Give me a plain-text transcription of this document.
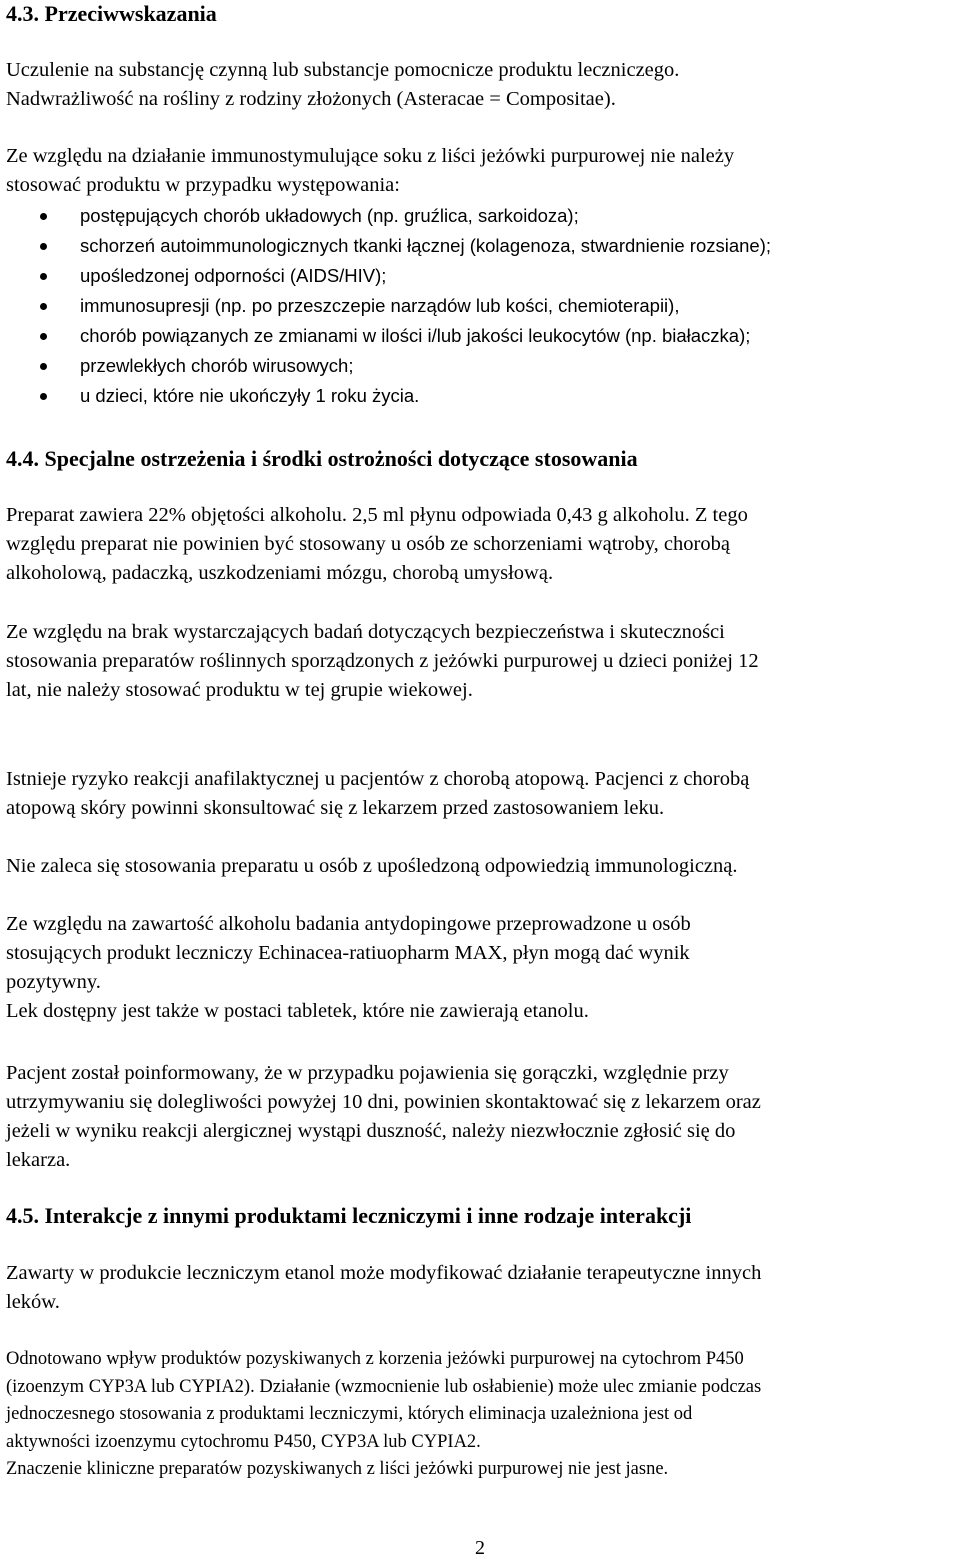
4.3. Przeciwwskazania
Uczulenie na substancję czynną lub substancje pomocnicze produktu leczniczego.
Nadwrażliwość na rośliny z rodziny złożonych (Asteracae = Compositae).
Ze względu na działanie immunostymulujące soku z liści jeżówki purpurowej nie należy
stosować produktu w przypadku występowania:
postępujących chorób układowych (np. gruźlica, sarkoidoza);
schorzeń autoimmunologicznych tkanki łącznej (kolagenoza, stwardnienie rozsiane);
upośledzonej odporności (AIDS/HIV);
immunosupresji (np. po przeszczepie narządów lub kości, chemioterapii),
chorób powiązanych ze zmianami w ilości i/lub jakości leukocytów (np. białaczka);
przewlekłych chorób wirusowych;
u dzieci, które nie ukończyły 1 roku życia.
4.4. Specjalne ostrzeżenia i środki ostrożności dotyczące stosowania
Preparat zawiera 22% objętości alkoholu. 2,5 ml płynu odpowiada 0,43 g alkoholu. Z tego
względu preparat nie powinien być stosowany u osób ze schorzeniami wątroby, chorobą
alkoholową, padaczką, uszkodzeniami mózgu, chorobą umysłową.
Ze względu na brak wystarczających badań dotyczących bezpieczeństwa i skuteczności
stosowania preparatów roślinnych sporządzonych z jeżówki purpurowej u dzieci poniżej 12
lat, nie należy stosować produktu w tej grupie wiekowej.
Istnieje ryzyko reakcji anafilaktycznej u pacjentów z chorobą atopową. Pacjenci z chorobą
atopową skóry powinni skonsultować się z lekarzem przed zastosowaniem leku.
Nie zaleca się stosowania preparatu u osób z upośledzoną odpowiedzią immunologiczną.
Ze względu na zawartość alkoholu badania antydopingowe przeprowadzone u osób
stosujących produkt leczniczy Echinacea-ratiuopharm MAX, płyn mogą dać wynik
pozytywny.
Lek dostępny jest także w postaci tabletek, które nie zawierają etanolu.
Pacjent został poinformowany, że w przypadku pojawienia się gorączki, względnie przy
utrzymywaniu się dolegliwości powyżej 10 dni, powinien skontaktować się z lekarzem oraz
jeżeli w wyniku reakcji alergicznej wystąpi duszność, należy niezwłocznie zgłosić się do
lekarza.
4.5. Interakcje z innymi produktami leczniczymi i inne rodzaje interakcji
Zawarty w produkcie leczniczym etanol może modyfikować działanie terapeutyczne innych
leków.
Odnotowano wpływ produktów pozyskiwanych z korzenia jeżówki purpurowej na cytochrom P450
(izoenzym CYP3A lub CYPIA2). Działanie (wzmocnienie lub osłabienie) może ulec zmianie podczas
jednoczesnego stosowania z produktami leczniczymi, których eliminacja uzależniona jest od
aktywności izoenzymu cytochromu P450, CYP3A lub CYPIA2.
Znaczenie kliniczne preparatów pozyskiwanych z liści jeżówki purpurowej nie jest jasne.
2
